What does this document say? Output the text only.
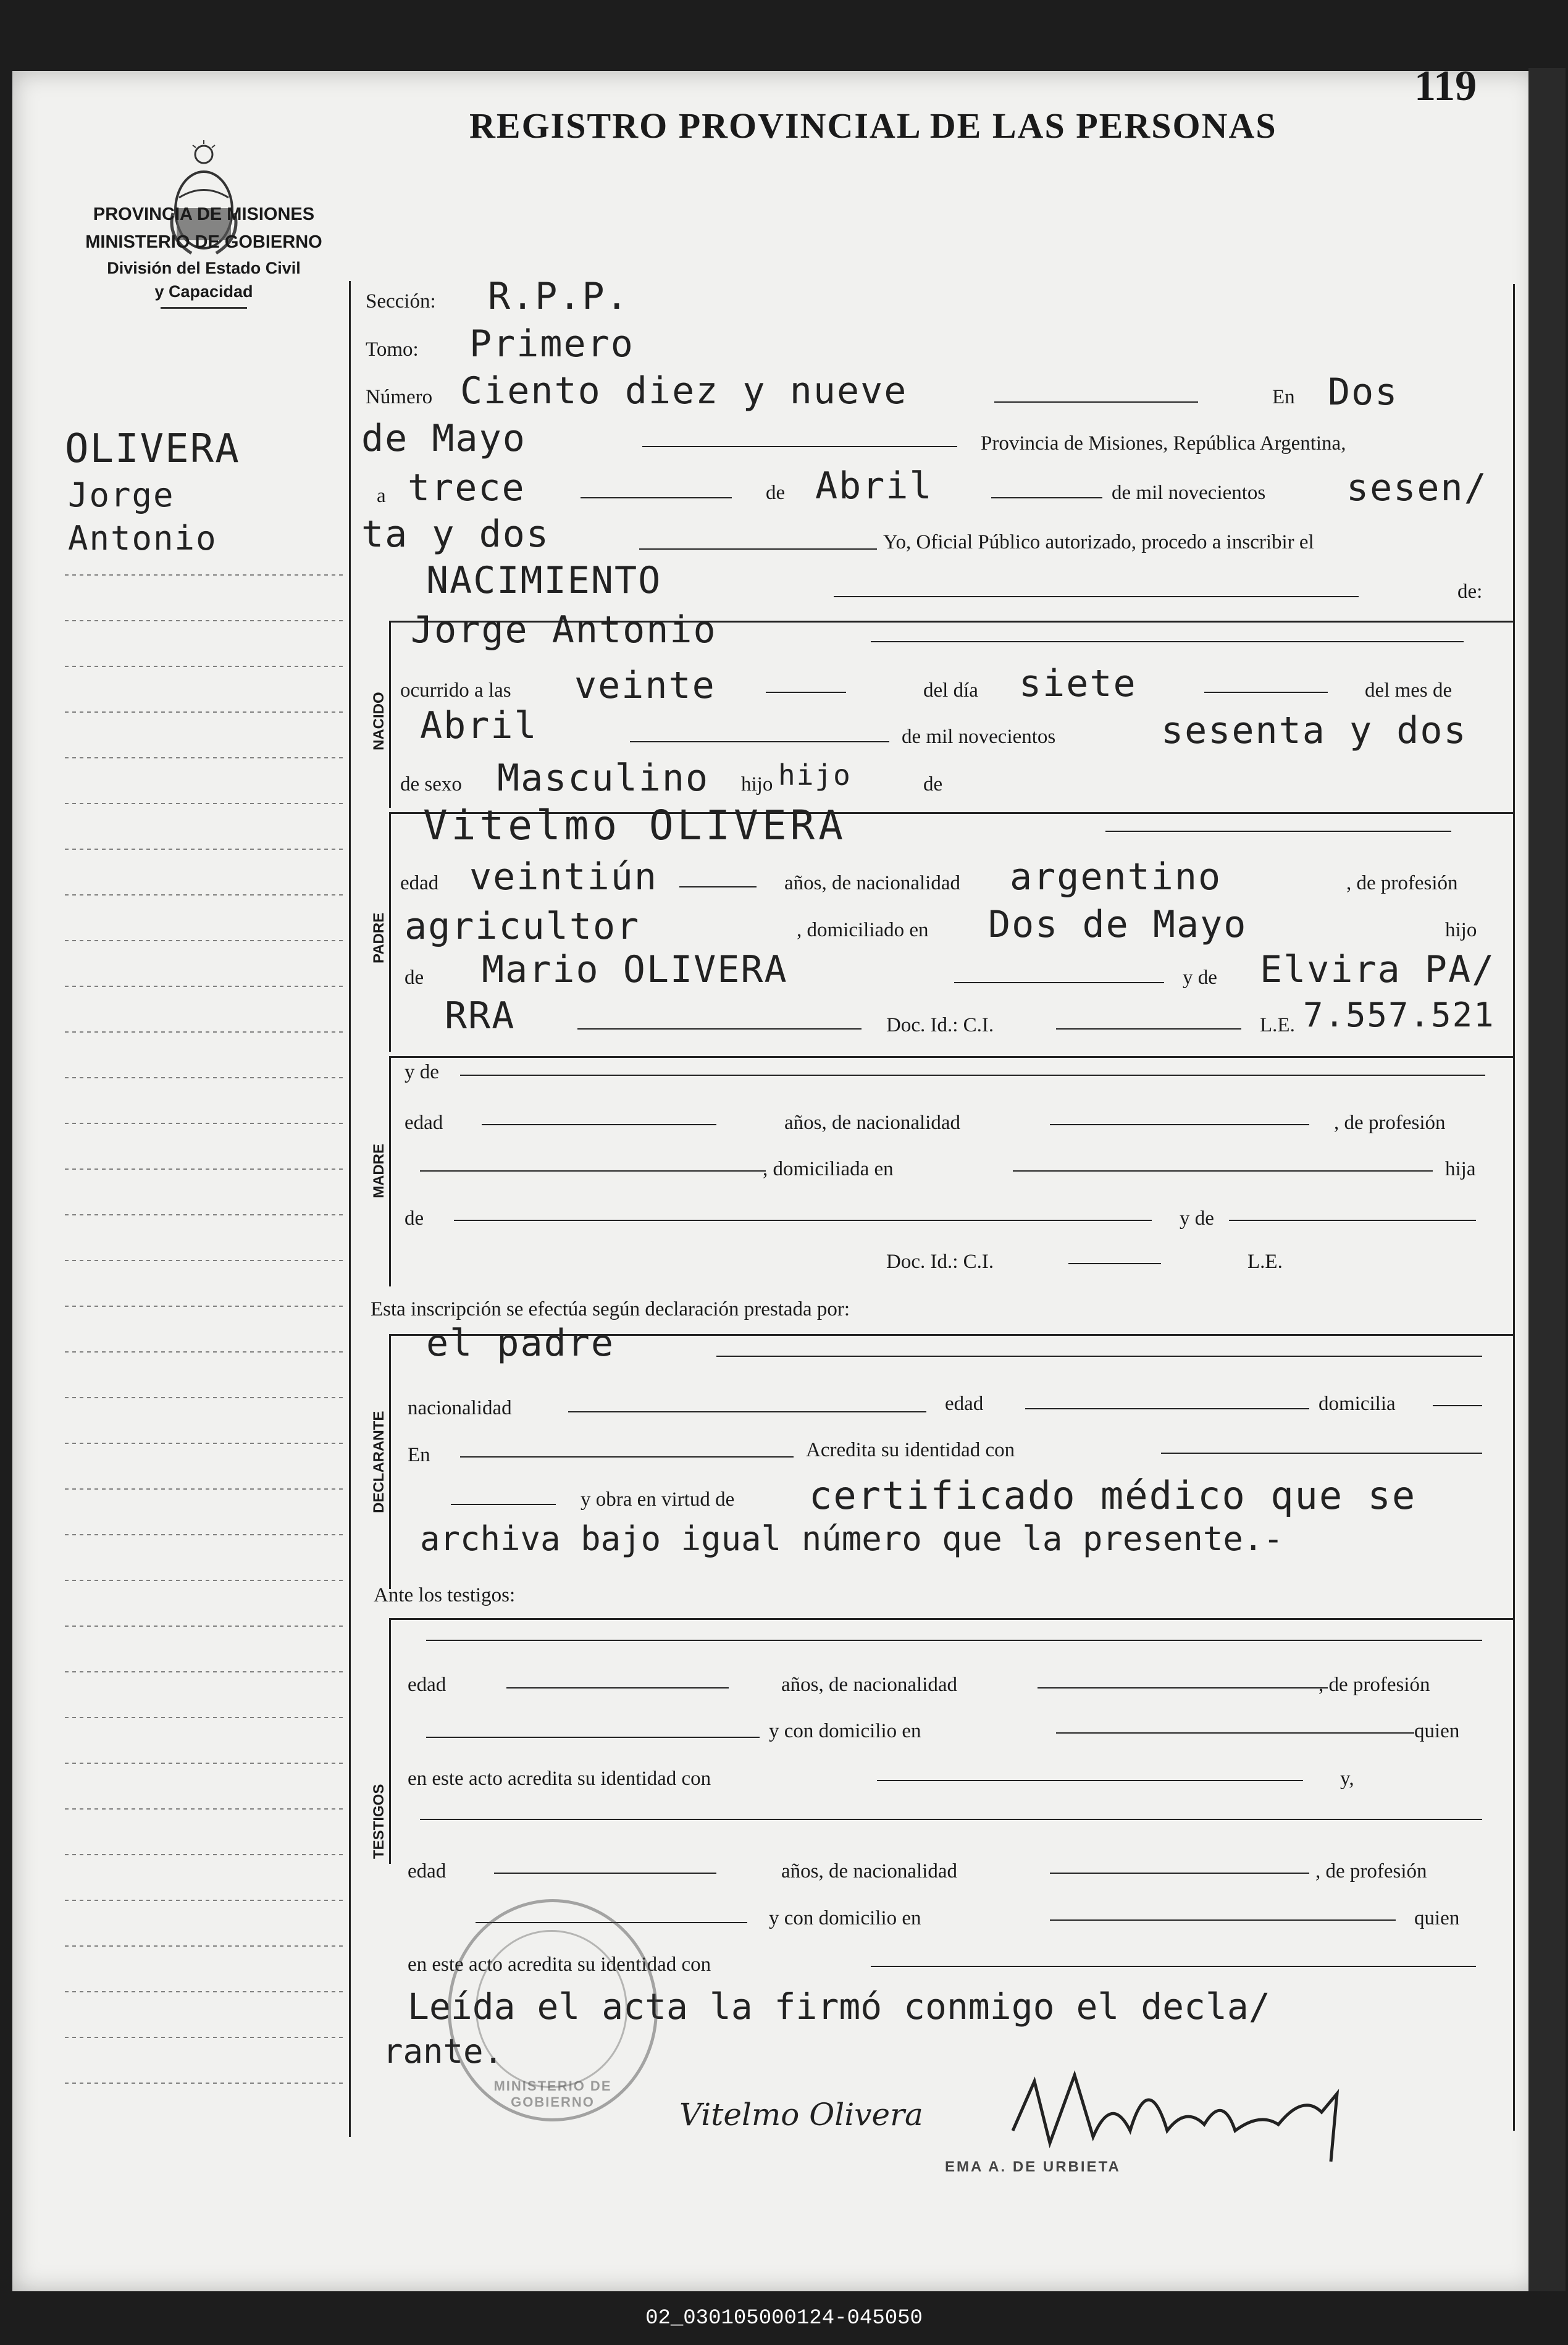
119
REGISTRO PROVINCIAL DE LAS PERSONAS
PROVINCIA DE MISIONES
MINISTERIO DE GOBIERNO
División del Estado Civil
y Capacidad
OLIVERA
Jorge
Antonio
Sección: R.P.P.
Tomo: Primero
Número Ciento diez y nueve	En Dos
de Mayo	Provincia de Misiones, República Argentina,
a trece	de Abril	de mil novecientos sesen/
ta y dos	Yo, Oficial Público autorizado, procedo a inscribir el
NACIMIENTO	de:
NACIDO
Jorge Antonio
ocurrido a las veinte	del día siete	del mes de
Abril	de mil novecientos	sesenta y dos
de sexo Masculino hijo hijo	de
PADRE
Vitelmo OLIVERA
edad veintiún	años, de nacionalidad argentino	, de profesión
agricultor	, domiciliado en Dos de Mayo	hijo
de Mario OLIVERA	y de Elvira PA/
RRA	Doc. Id.: C.I.	L.E. 7.557.521
MADRE
y de
edad	años, de nacionalidad	, de profesión
, domiciliada en	hija
de	y de
Doc. Id.: C.I.	L.E.
Esta inscripción se efectúa según declaración prestada por:
DECLARANTE
el padre
nacionalidad	edad	domicilia
En	Acredita su identidad con
y obra en virtud de certificado médico que se
archiva bajo igual número que la presente.-
Ante los testigos:
TESTIGOS
edad	años, de nacionalidad	, de profesión
y con domicilio en	quien
en este acto acredita su identidad con	y,
edad	años, de nacionalidad	, de profesión
y con domicilio en	quien
en este acto acredita su identidad con
Leída el acta la firmó conmigo el decla/
rante.
MINISTERIO DE GOBIERNO	Vitelmo Olivera
EMA A. DE URBIETA
02_030105000124-045050
